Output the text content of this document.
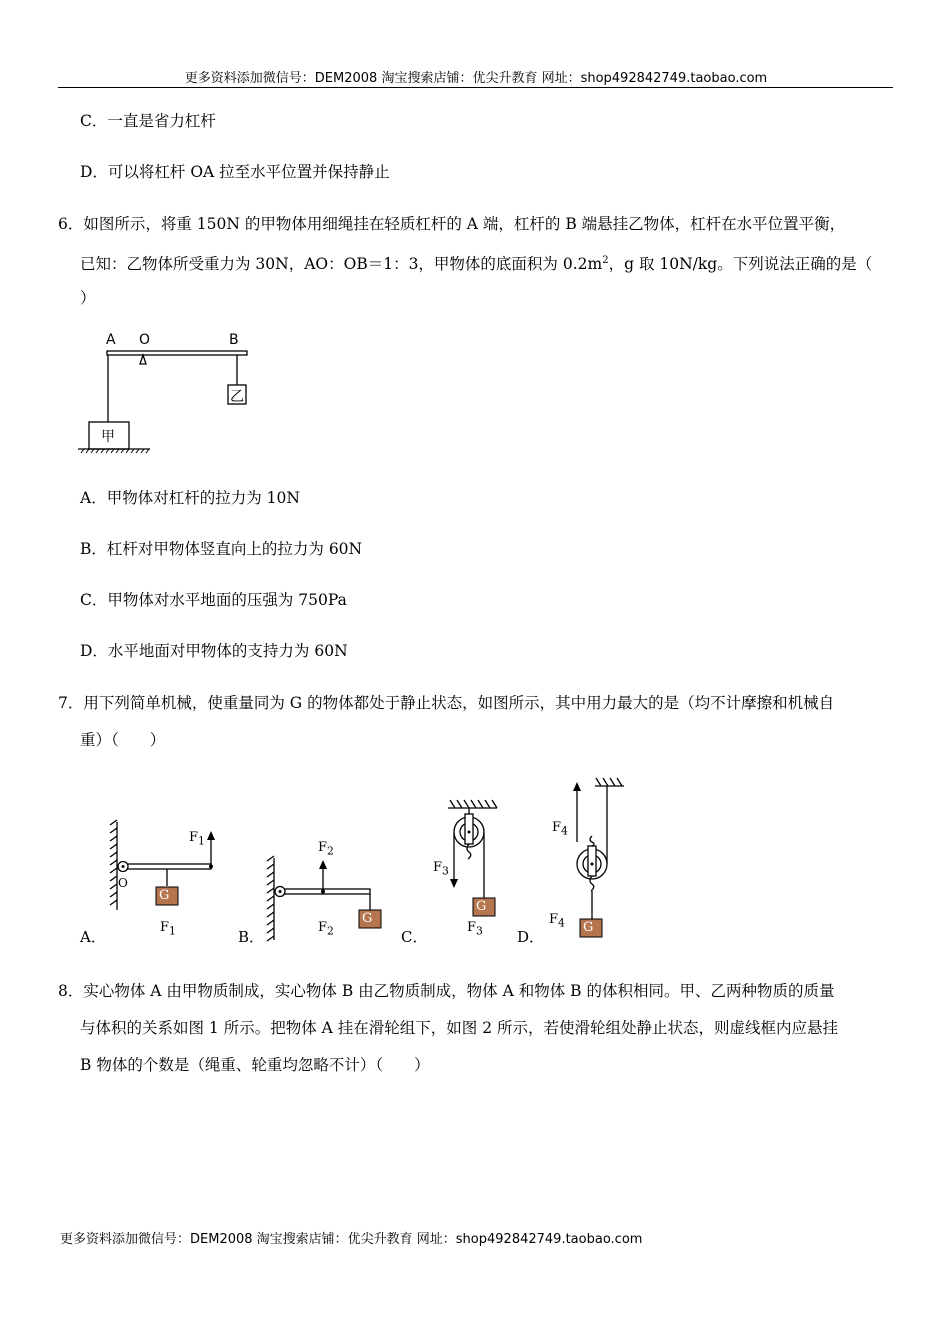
更多资料添加微信号：DEM2008 淘宝搜索店铺：优尖升教育 网址：shop492842749.taobao.com
C．一直是省力杠杆
D．可以将杠杆 OA 拉至水平位置并保持静止
6．如图所示，将重 150N 的甲物体用细绳挂在轻质杠杆的 A 端，杠杆的 B 端悬挂乙物体，杠杆在水平位置平衡，
已知：乙物体所受重力为 30N，AO：OB＝1：3，甲物体的底面积为 $0.2m^2$，g 取 10N/kg。下列说法正确的是（
）
A O	B
甲
乙
A．甲物体对杠杆的拉力为 10N
B．杠杆对甲物体竖直向上的拉力为 60N
C．甲物体对水平地面的压强为 750Pa
D．水平地面对甲物体的支持力为 60N
7．用下列简单机械，使重量同为 G 的物体都处于静止状态，如图所示，其中用力最大的是（均不计摩擦和机械自
重）（　　）
G
G
G
G
O
$F_1$
$F_1$
$F_2$
$F_2$
$F_3$
$F_3$
$F_4$
$F_4$
A．	B．	C．	D．
8．实心物体 A 由甲物质制成，实心物体 B 由乙物质制成，物体 A 和物体 B 的体积相同。甲、乙两种物质的质量
与体积的关系如图 1 所示。把物体 A 挂在滑轮组下，如图 2 所示，若使滑轮组处静止状态，则虚线框内应悬挂
B 物体的个数是（绳重、轮重均忽略不计）（　　）
更多资料添加微信号：DEM2008 淘宝搜索店铺：优尖升教育 网址：shop492842749.taobao.com
